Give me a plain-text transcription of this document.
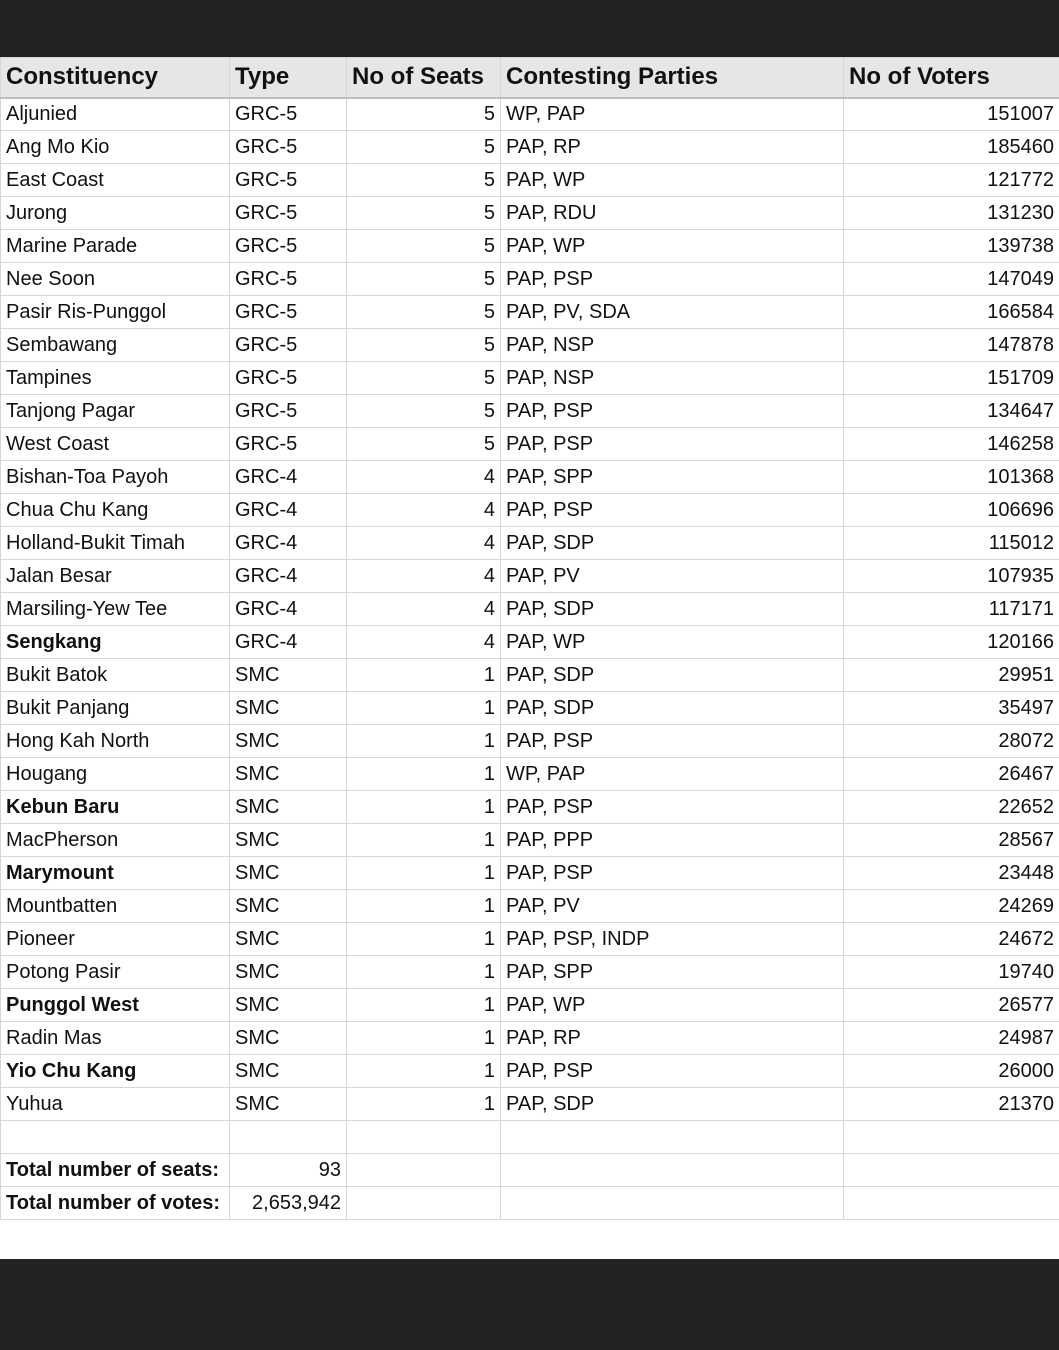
Constituency	Type	No of Seats	Contesting Parties	No of Voters
Aljunied	GRC-5	5	WP, PAP	151007
Ang Mo Kio	GRC-5	5	PAP, RP	185460
East Coast	GRC-5	5	PAP, WP	121772
Jurong	GRC-5	5	PAP, RDU	131230
Marine Parade	GRC-5	5	PAP, WP	139738
Nee Soon	GRC-5	5	PAP, PSP	147049
Pasir Ris-Punggol	GRC-5	5	PAP, PV, SDA	166584
Sembawang	GRC-5	5	PAP, NSP	147878
Tampines	GRC-5	5	PAP, NSP	151709
Tanjong Pagar	GRC-5	5	PAP, PSP	134647
West Coast	GRC-5	5	PAP, PSP	146258
Bishan-Toa Payoh	GRC-4	4	PAP, SPP	101368
Chua Chu Kang	GRC-4	4	PAP, PSP	106696
Holland-Bukit Timah	GRC-4	4	PAP, SDP	115012
Jalan Besar	GRC-4	4	PAP, PV	107935
Marsiling-Yew Tee	GRC-4	4	PAP, SDP	117171
Sengkang	GRC-4	4	PAP, WP	120166
Bukit Batok	SMC	1	PAP, SDP	29951
Bukit Panjang	SMC	1	PAP, SDP	35497
Hong Kah North	SMC	1	PAP, PSP	28072
Hougang	SMC	1	WP, PAP	26467
Kebun Baru	SMC	1	PAP, PSP	22652
MacPherson	SMC	1	PAP, PPP	28567
Marymount	SMC	1	PAP, PSP	23448
Mountbatten	SMC	1	PAP, PV	24269
Pioneer	SMC	1	PAP, PSP, INDP	24672
Potong Pasir	SMC	1	PAP, SPP	19740
Punggol West	SMC	1	PAP, WP	26577
Radin Mas	SMC	1	PAP, RP	24987
Yio Chu Kang	SMC	1	PAP, PSP	26000
Yuhua	SMC	1	PAP, SDP	21370

Total number of seats:	93			
Total number of votes:	2,653,942			
